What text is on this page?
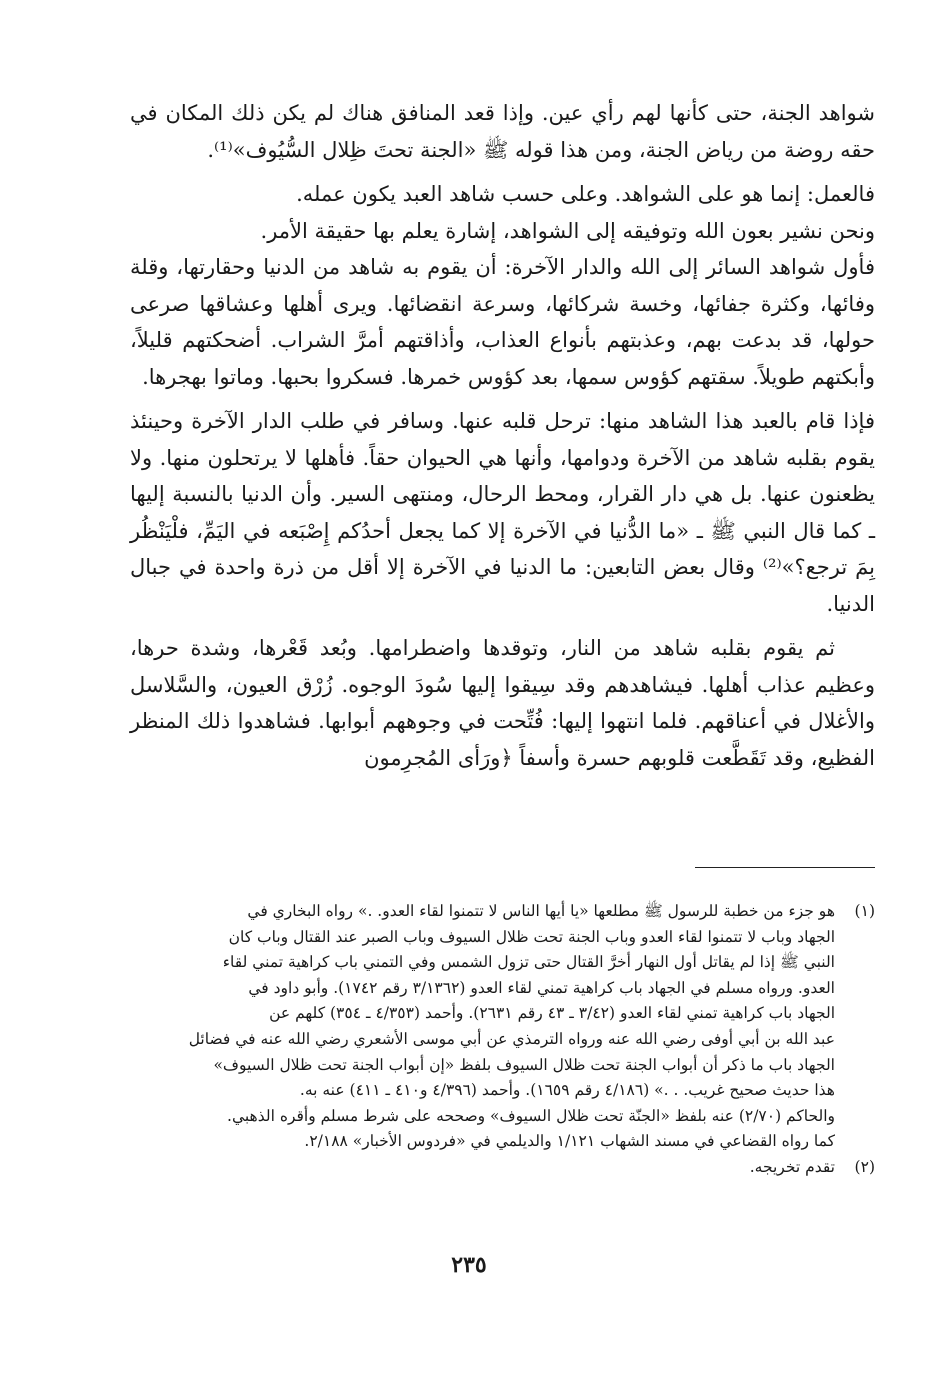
شواهد الجنة، حتى كأنها لهم رأي عين. وإذا قعد المنافق هناك لم يكن ذلك المكان في حقه روضة من رياض الجنة، ومن هذا قوله ﷺ «الجنة تحتَ ظِلال السُّيُوف»⁽¹⁾.

فالعمل: إنما هو على الشواهد. وعلى حسب شاهد العبد يكون عمله.

ونحن نشير بعون الله وتوفيقه إلى الشواهد، إشارة يعلم بها حقيقة الأمر.

فأول شواهد السائر إلى الله والدار الآخرة: أن يقوم به شاهد من الدنيا وحقارتها، وقلة وفائها، وكثرة جفائها، وخسة شركائها، وسرعة انقضائها. ويرى أهلها وعشاقها صرعى حولها، قد بدعت بهم، وعذبتهم بأنواع العذاب، وأذاقتهم أمرَّ الشراب. أضحكتهم قليلاً، وأبكتهم طويلاً. سقتهم كؤوس سمها، بعد كؤوس خمرها. فسكروا بحبها. وماتوا بهجرها.

فإذا قام بالعبد هذا الشاهد منها: ترحل قلبه عنها. وسافر في طلب الدار الآخرة وحينئذ يقوم بقلبه شاهد من الآخرة ودوامها، وأنها هي الحيوان حقاً. فأهلها لا يرتحلون منها. ولا يظعنون عنها. بل هي دار القرار، ومحط الرحال، ومنتهى السير. وأن الدنيا بالنسبة إليها ـ كما قال النبي ﷺ ـ «ما الدُّنيا في الآخرة إلا كما يجعل أحدُكم إِصْبَعه في اليَمِّ، فلْيَنْظُر بِمَ ترجع؟»⁽²⁾ وقال بعض التابعين: ما الدنيا في الآخرة إلا أقل من ذرة واحدة في جبال الدنيا.

ثم يقوم بقلبه شاهد من النار، وتوقدها واضطرامها. وبُعد قَعْرها، وشدة حرها، وعظيم عذاب أهلها. فيشاهدهم وقد سِيقوا إليها سُودَ الوجوه. زُرْق العيون، والسَّلاسل والأغلال في أعناقهم. فلما انتهوا إليها: فُتِّحت في وجوههم أبوابها. فشاهدوا ذلك المنظر الفظيع، وقد تَقَطَّعت قلوبهم حسرة وأسفاً ﴿ورَأى المُجرِمون

(١)
هو جزء من خطبة للرسول ﷺ مطلعها «يا أيها الناس لا تتمنوا لقاء العدو. .» رواه البخاري في
الجهاد وباب لا تتمنوا لقاء العدو وباب الجنة تحت ظلال السيوف وباب الصبر عند القتال وباب كان
النبي ﷺ إذا لم يقاتل أول النهار أخرَّ القتال حتى تزول الشمس وفي التمني باب كراهية تمني لقاء
العدو. ورواه مسلم في الجهاد باب كراهية تمني لقاء العدو (٣/١٣٦٢ رقم ١٧٤٢). وأبو داود في
الجهاد باب كراهية تمني لقاء العدو (٣/٤٢ ـ ٤٣ رقم ٢٦٣١). وأحمد (٤/٣٥٣ ـ ٣٥٤) كلهم عن
عبد الله بن أبي أوفى رضي الله عنه ورواه الترمذي عن أبي موسى الأشعري رضي الله عنه في فضائل
الجهاد باب ما ذكر أن أبواب الجنة تحت ظلال السيوف بلفظ «إن أبواب الجنة تحت ظلال السيوف»
هذا حديث صحيح غريب. . .» (٤/١٨٦ رقم ١٦٥٩). وأحمد (٤/٣٩٦ و٤١٠ ـ ٤١١) عنه به.
والحاكم (٢/٧٠) عنه بلفظ «الجنّة تحت ظلال السيوف» وصححه على شرط مسلم وأقره الذهبي.
كما رواه القضاعي في مسند الشهاب ١/١٢١ والديلمي في «فردوس الأخبار» ٢/١٨٨.
(٢)
تقدم تخريجه.
٢٣٥
